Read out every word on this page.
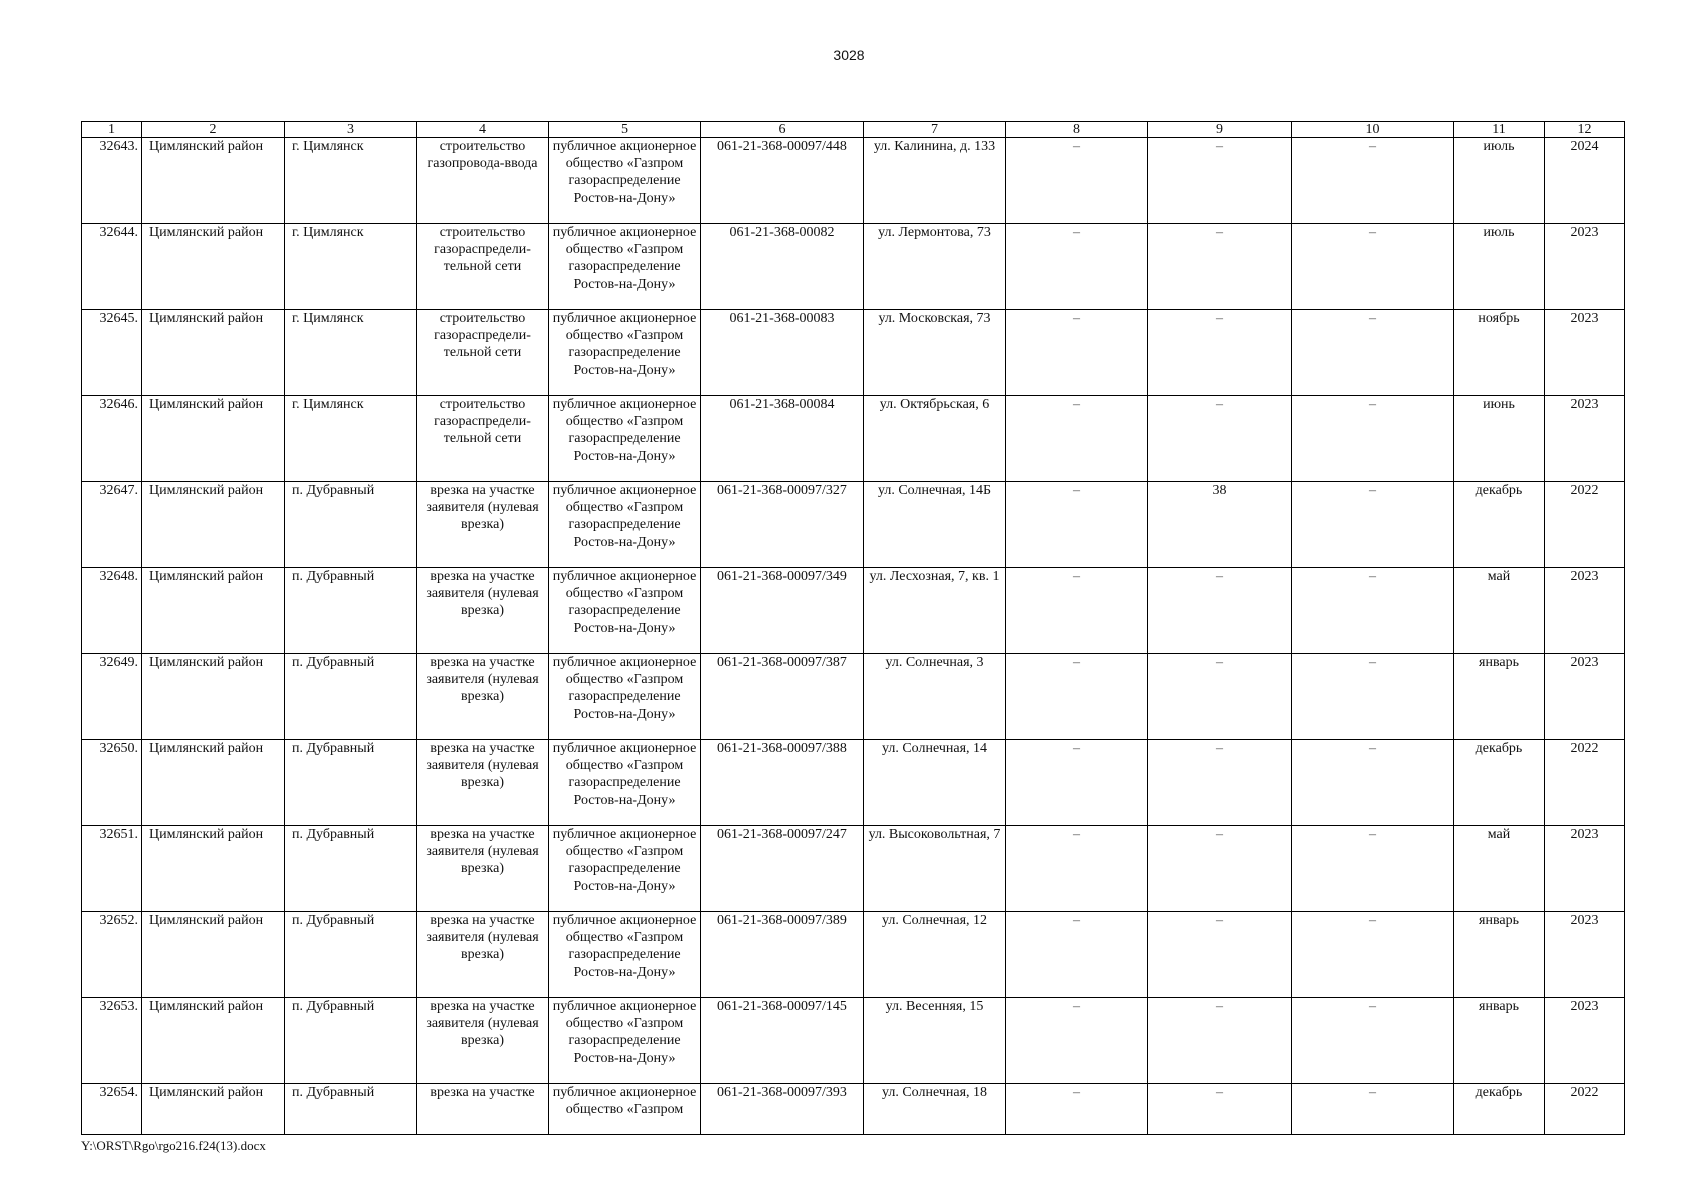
3028
1	2	3	4	5	6	7	8	9	10	11	12
32643.	Цимлянский район	г. Цимлянск	строительство газопровода-ввода	публичное акционерное общество «Газпром газораспределение Ростов-на-Дону»	061-21-368-00097/448	ул. Калинина, д. 133	–	–	–	июль	2024
32644.	Цимлянский район	г. Цимлянск	строительство газораспредели-тельной сети	публичное акционерное общество «Газпром газораспределение Ростов-на-Дону»	061-21-368-00082	ул. Лермонтова, 73	–	–	–	июль	2023
32645.	Цимлянский район	г. Цимлянск	строительство газораспредели-тельной сети	публичное акционерное общество «Газпром газораспределение Ростов-на-Дону»	061-21-368-00083	ул. Московская, 73	–	–	–	ноябрь	2023
32646.	Цимлянский район	г. Цимлянск	строительство газораспредели-тельной сети	публичное акционерное общество «Газпром газораспределение Ростов-на-Дону»	061-21-368-00084	ул. Октябрьская, 6	–	–	–	июнь	2023
32647.	Цимлянский район	п. Дубравный	врезка на участке заявителя (нулевая врезка)	публичное акционерное общество «Газпром газораспределение Ростов-на-Дону»	061-21-368-00097/327	ул. Солнечная, 14Б	–	38	–	декабрь	2022
32648.	Цимлянский район	п. Дубравный	врезка на участке заявителя (нулевая врезка)	публичное акционерное общество «Газпром газораспределение Ростов-на-Дону»	061-21-368-00097/349	ул. Лесхозная, 7, кв. 1	–	–	–	май	2023
32649.	Цимлянский район	п. Дубравный	врезка на участке заявителя (нулевая врезка)	публичное акционерное общество «Газпром газораспределение Ростов-на-Дону»	061-21-368-00097/387	ул. Солнечная, 3	–	–	–	январь	2023
32650.	Цимлянский район	п. Дубравный	врезка на участке заявителя (нулевая врезка)	публичное акционерное общество «Газпром газораспределение Ростов-на-Дону»	061-21-368-00097/388	ул. Солнечная, 14	–	–	–	декабрь	2022
32651.	Цимлянский район	п. Дубравный	врезка на участке заявителя (нулевая врезка)	публичное акционерное общество «Газпром газораспределение Ростов-на-Дону»	061-21-368-00097/247	ул. Высоковольтная, 7	–	–	–	май	2023
32652.	Цимлянский район	п. Дубравный	врезка на участке заявителя (нулевая врезка)	публичное акционерное общество «Газпром газораспределение Ростов-на-Дону»	061-21-368-00097/389	ул. Солнечная, 12	–	–	–	январь	2023
32653.	Цимлянский район	п. Дубравный	врезка на участке заявителя (нулевая врезка)	публичное акционерное общество «Газпром газораспределение Ростов-на-Дону»	061-21-368-00097/145	ул. Весенняя, 15	–	–	–	январь	2023
32654.	Цимлянский район	п. Дубравный	врезка на участке	публичное акционерное общество «Газпром	061-21-368-00097/393	ул. Солнечная, 18	–	–	–	декабрь	2022
Y:\ORST\Rgo\rgo216.f24(13).docx
